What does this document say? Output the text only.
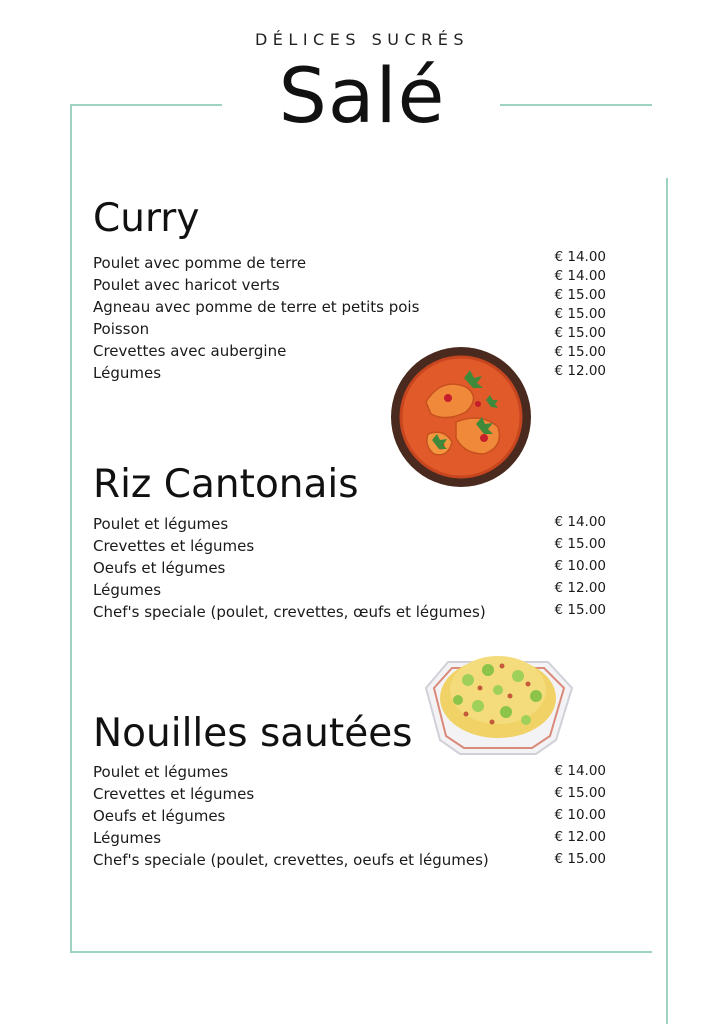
DÉLICES SUCRÉS
Salé
Curry
Poulet avec pomme de terre
Poulet avec haricot verts
Agneau avec pomme de terre et petits pois
Poisson
Crevettes avec aubergine
Légumes
€ 14.00
€ 14.00
€ 15.00
€ 15.00
€ 15.00
€ 15.00
€ 12.00
Riz Cantonais
Poulet et légumes
Crevettes et légumes
Oeufs et légumes
Légumes
Chef's speciale (poulet, crevettes, œufs et légumes)
€ 14.00
€ 15.00
€ 10.00
€ 12.00
€ 15.00
Nouilles sautées
Poulet et légumes
Crevettes et légumes
Oeufs et légumes
Légumes
Chef's speciale (poulet, crevettes, oeufs et légumes)
€ 14.00
€ 15.00
€ 10.00
€ 12.00
€ 15.00
